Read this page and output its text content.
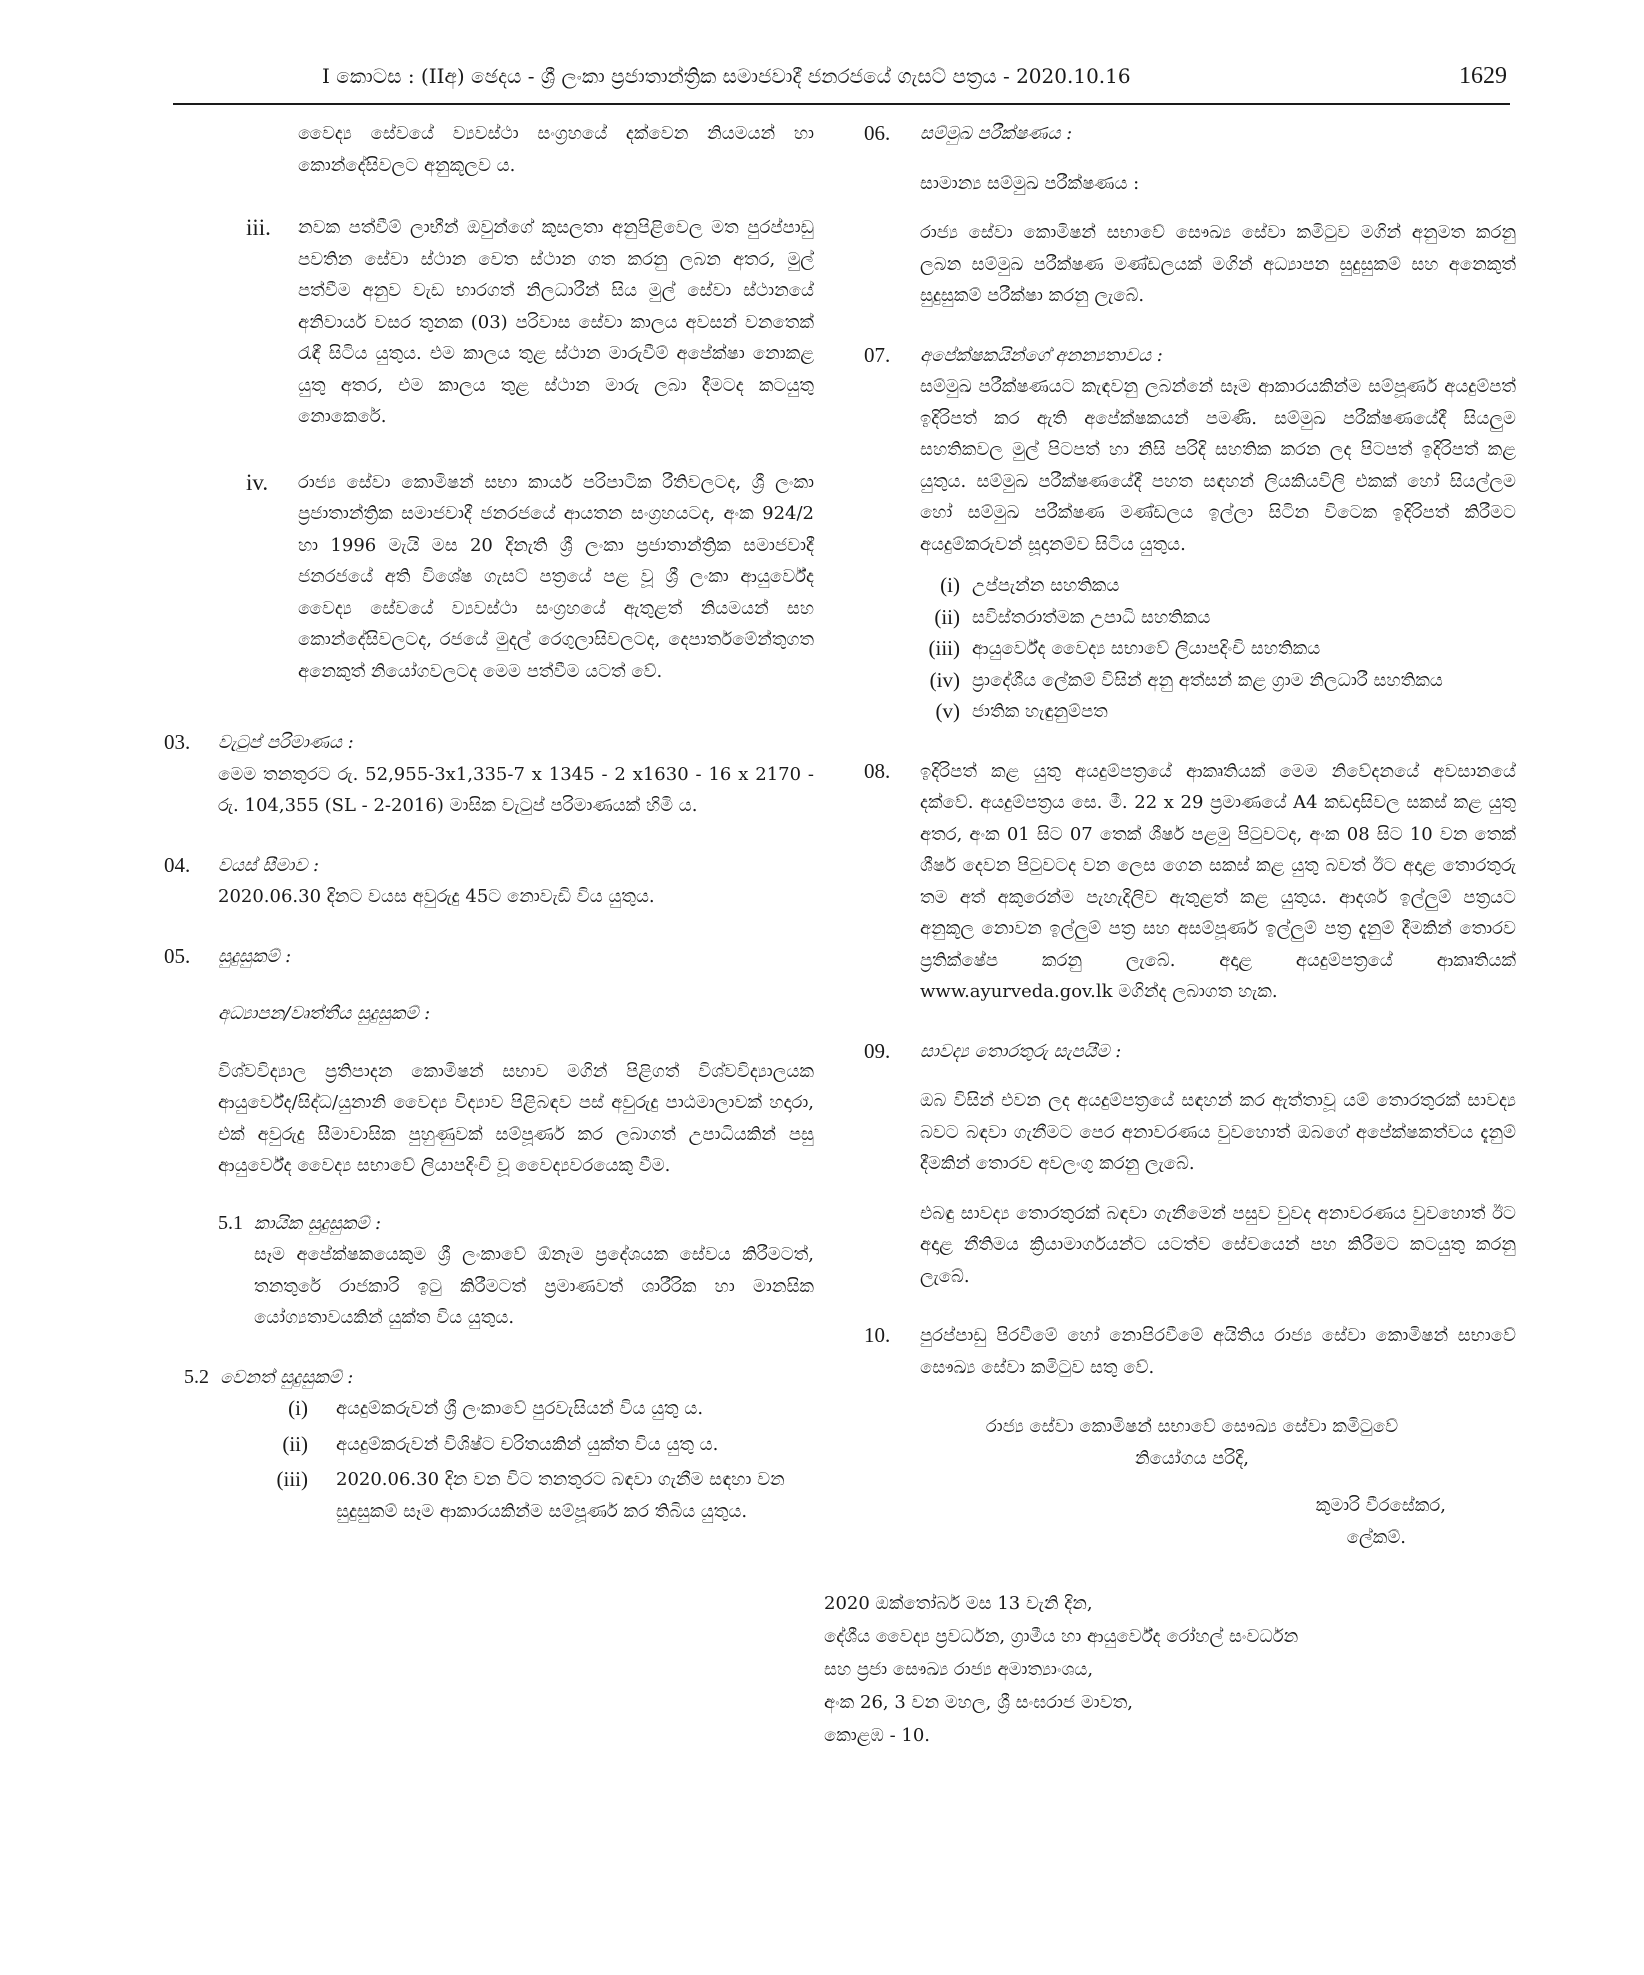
I කොටස : (IIඅ) ඡෙදය - ශ්‍රී ලංකා ප්‍රජාතාන්ත්‍රික සමාජවාදී ජනරජයේ ගැසට් පත්‍රය - 2020.10.16	1629

වෛද්‍ය සේවයේ ව්‍යවස්ථා සංග්‍රහයේ දක්වෙන නියමයන් හා කොන්දේසිවලට අනුකූලව ය.

iii. නවක පත්වීම් ලාභීන් ඔවුන්ගේ කුසලතා අනුපිළිවෙල මත පුරප්පාඩු පවතින සේවා ස්ථාන වෙත ස්ථාන ගත කරනු ලබන අතර, මුල් පත්වීම අනුව වැඩ භාරගත් නිලධාරීන් සිය මුල් සේවා ස්ථානයේ අනිවාර්ය වසර තුනක (03) පරිවාස සේවා කාලය අවසන් වනතෙක් රැඳී සිටිය යුතුය. එම කාලය තුළ ස්ථාන මාරුවීම් අපේක්ෂා නොකළ යුතු අතර, එම කාලය තුළ ස්ථාන මාරු ලබා දීමටද කටයුතු නොකෙරේ.
iv. රාජ්‍ය සේවා කොමිෂන් සභා කාර්ය පරිපාටික රීතිවලටද, ශ්‍රී ලංකා ප්‍රජාතාන්ත්‍රික සමාජවාදී ජනරජයේ ආයතන සංග්‍රහයටද, අංක 924/2 හා 1996 මැයි මස 20 දිනැති ශ්‍රී ලංකා ප්‍රජාතාන්ත්‍රික සමාජවාදී ජනරජයේ අති විශේෂ ගැසට් පත්‍රයේ පළ වූ ශ්‍රී ලංකා ආයුර්වේද වෛද්‍ය සේවයේ ව්‍යවස්ථා සංග්‍රහයේ ඇතුළත් නියමයන් සහ කොන්දේසිවලටද, රජයේ මුදල් රෙගුලාසිවලටද, දෙපාර්තමේන්තුගත අනෙකුත් නියෝගවලටද මෙම පත්වීම යටත් වේ.
03. වැටුප් පරිමාණය :
මෙම තනතුරට රු. 52,955-3x1,335-7 x 1345 - 2 x1630 - 16 x 2170 - රු. 104,355 (SL - 2-2016) මාසික වැටුප් පරිමාණයක් හිමි ය.
04. වයස් සීමාව :
2020.06.30 දිනට වයස අවුරුදු 45ට නොවැඩි විය යුතුය.
05. සුදුසුකම් :
අධ්‍යාපන/වෘත්තීය සුදුසුකම් :
විශ්වවිද්‍යාල ප්‍රතිපාදන කොමිෂන් සභාව මගින් පිළිගත් විශ්වවිද්‍යාලයක ආයුර්වේද/සිද්ධ/යුනානි වෛද්‍ය විද්‍යාව පිළිබඳව පස් අවුරුදු පාඨමාලාවක් හදාරා, එක් අවුරුදු සීමාවාසික පුහුණුවක් සම්පූර්ණ කර ලබාගත් උපාධියකින් පසු ආයුර්වේද වෛද්‍ය සභාවේ ලියාපදිංචි වූ වෛද්‍යවරයෙකු වීම.
5.1 කායික සුදුසුකම් :
සෑම අපේක්ෂකයෙකුම ශ්‍රී ලංකාවේ ඕනෑම ප්‍රදේශයක සේවය කිරීමටත්, තනතුරේ රාජකාරි ඉටු කිරීමටත් ප්‍රමාණවත් ශාරීරික හා මානසික යෝග්‍යතාවයකින් යුක්ත විය යුතුය.
5.2 වෙනත් සුදුසුකම් :
(i) අයදුම්කරුවන් ශ්‍රී ලංකාවේ පුරවැසියන් විය යුතු ය.
(ii) අයදුම්කරුවන් විශිෂ්ට චරිතයකින් යුක්ත විය යුතු ය.
(iii) 2020.06.30 දින වන විට තනතුරට බඳවා ගැනීම සඳහා වන සුදුසුකම් සෑම ආකාරයකින්ම සම්පූර්ණ කර තිබිය යුතුය.
06. සම්මුඛ පරීක්ෂණය :
සාමාන්‍ය සම්මුඛ පරීක්ෂණය :
රාජ්‍ය සේවා කොමිෂන් සභාවේ සෞඛ්‍ය සේවා කමිටුව මගින් අනුමත කරනු ලබන සම්මුඛ පරීක්ෂණ මණ්ඩලයක් මගින් අධ්‍යාපන සුදුසුකම් සහ අනෙකුත් සුදුසුකම් පරීක්ෂා කරනු ලැබේ.
07. අපේක්ෂකයින්ගේ අනන්‍යතාවය :
සම්මුඛ පරීක්ෂණයට කැඳවනු ලබන්නේ සෑම ආකාරයකින්ම සම්පූර්ණ අයදුම්පත් ඉදිරිපත් කර ඇති අපේක්ෂකයන් පමණි. සම්මුඛ පරීක්ෂණයේදී සියලුම සහතිකවල මුල් පිටපත් හා නිසි පරිදි සහතික කරන ලද පිටපත් ඉදිරිපත් කළ යුතුය. සම්මුඛ පරීක්ෂණයේදී පහත සඳහන් ලියකියවිලි එකක් හෝ සියල්ලම හෝ සම්මුඛ පරීක්ෂණ මණ්ඩලය ඉල්ලා සිටින විටෙක ඉදිරිපත් කිරීමට අයදුම්කරුවන් සූදානම්ව සිටිය යුතුය.
(i) උප්පැන්න සහතිකය
(ii) සවිස්තරාත්මක උපාධි සහතිකය
(iii) ආයුර්වේද වෛද්‍ය සභාවේ ලියාපදිංචි සහතිකය
(iv) ප්‍රාදේශීය ලේකම් විසින් අනු අත්සන් කළ ග්‍රාම නිලධාරී සහතිකය
(v) ජාතික හැඳුනුම්පත
08. ඉදිරිපත් කළ යුතු අයදුම්පත්‍රයේ ආකෘතියක් මෙම නිවේදනයේ අවසානයේ දක්වේ. අයදුම්පත්‍රය සෙ. මී. 22 x 29 ප්‍රමාණයේ A4 කඩදාසිවල සකස් කළ යුතු අතර, අංක 01 සිට 07 තෙක් ශීර්ෂ පළමු පිටුවටද, අංක 08 සිට 10 වන තෙක් ශීර්ෂ දෙවන පිටුවටද වන ලෙස ගෙන සකස් කළ යුතු බවත් ඊට අදාළ තොරතුරු තම අත් අකුරෙන්ම පැහැදිලිව ඇතුළත් කළ යුතුය. ආදර්ශ ඉල්ලුම් පත්‍රයට අනුකූල නොවන ඉල්ලුම් පත්‍ර සහ අසම්පූර්ණ ඉල්ලුම් පත්‍ර දැනුම් දීමකින් තොරව ප්‍රතික්ෂේප කරනු ලැබේ. අදාළ අයදුම්පත්‍රයේ ආකෘතියක් www.ayurveda.gov.lk මගින්ද ලබාගත හැක.
09. සාවද්‍ය තොරතුරු සැපයීම :
ඔබ විසින් එවන ලද අයදුම්පත්‍රයේ සඳහන් කර ඇත්තාවූ යම් තොරතුරක් සාවද්‍ය බවට බඳවා ගැනීමට පෙර අනාවරණය වුවහොත් ඔබගේ අපේක්ෂකත්වය දැනුම් දීමකින් තොරව අවලංගු කරනු ලැබේ.
එබඳු සාවද්‍ය තොරතුරක් බඳවා ගැනීමෙන් පසුව වුවද අනාවරණය වුවහොත් ඊට අදාළ නීතිමය ක්‍රියාමාර්ගයන්ට යටත්ව සේවයෙන් පහ කිරීමට කටයුතු කරනු ලැබේ.
10. පුරප්පාඩු පිරවීමේ හෝ නොපිරවීමේ අයිතිය රාජ්‍ය සේවා කොමිෂන් සභාවේ සෞඛ්‍ය සේවා කමිටුව සතු වේ.
රාජ්‍ය සේවා කොමිෂන් සභාවේ සෞඛ්‍ය සේවා කමිටුවේ
නියෝගය පරිදි,
කුමාරි වීරසේකර,
ලේකම්.
2020 ඔක්තෝබර් මස 13 වැනි දින,
දේශීය වෛද්‍ය ප්‍රවර්ධන, ග්‍රාමීය හා ආයුර්වේද රෝහල් සංවර්ධන
සහ ප්‍රජා සෞඛ්‍ය රාජ්‍ය අමාත්‍යාංශය,
අංක 26, 3 වන මහල, ශ්‍රී සංඝරාජ මාවත,
කොළඹ - 10.
